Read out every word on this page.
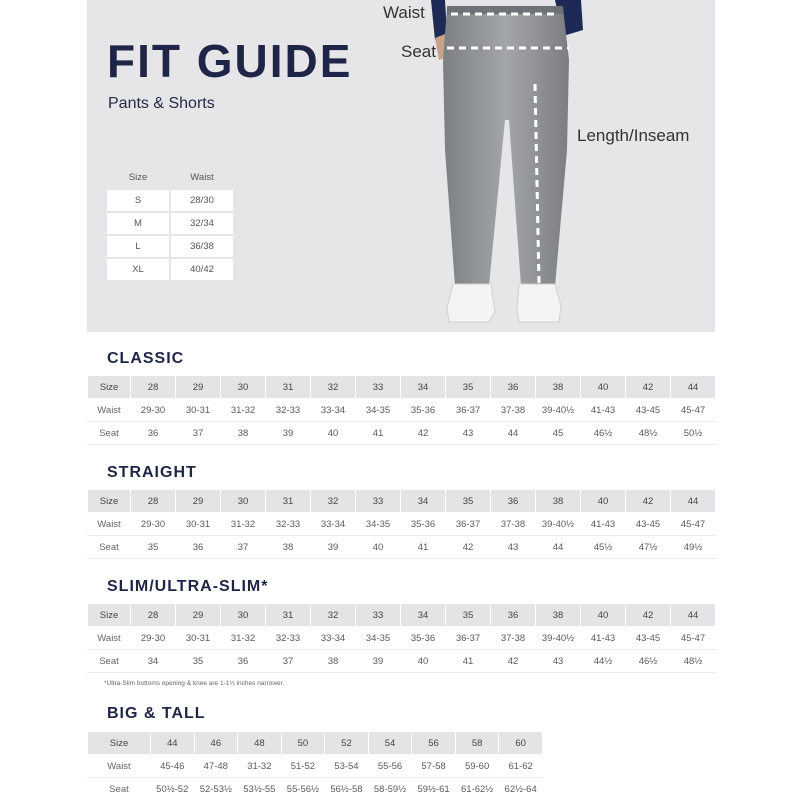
FIT GUIDE
Pants & Shorts
Size	Waist
S	28/30
M	32/34
L	36/38
XL	40/42
Waist
Seat
Length/Inseam
CLASSIC
STRAIGHT
SLIM/ULTRA-SLIM*
BIG & TALL
Size	28	29	30	31	32	33	34	35	36	38	40	42	44
Waist	29-30	30-31	31-32	32-33	33-34	34-35	35-36	36-37	37-38	39-40½	41-43	43-45	45-47
Seat	36	37	38	39	40	41	42	43	44	45	46½	48½	50½
Size	28	29	30	31	32	33	34	35	36	38	40	42	44
Waist	29-30	30-31	31-32	32-33	33-34	34-35	35-36	36-37	37-38	39-40½	41-43	43-45	45-47
Seat	35	36	37	38	39	40	41	42	43	44	45½	47½	49½
Size	28	29	30	31	32	33	34	35	36	38	40	42	44
Waist	29-30	30-31	31-32	32-33	33-34	34-35	35-36	36-37	37-38	39-40½	41-43	43-45	45-47
Seat	34	35	36	37	38	39	40	41	42	43	44½	46½	48½
*Ultra-Slim bottoms opening & knee are 1-1½ inches narrower.
Size	44	46	48	50	52	54	56	58	60
Waist	45-46	47-48	31-32	51-52	53-54	55-56	57-58	59-60	61-62
Seat	50½-52	52-53½	53½-55	55-56½	56½-58	58-59½	59½-61	61-62½	62½-64
